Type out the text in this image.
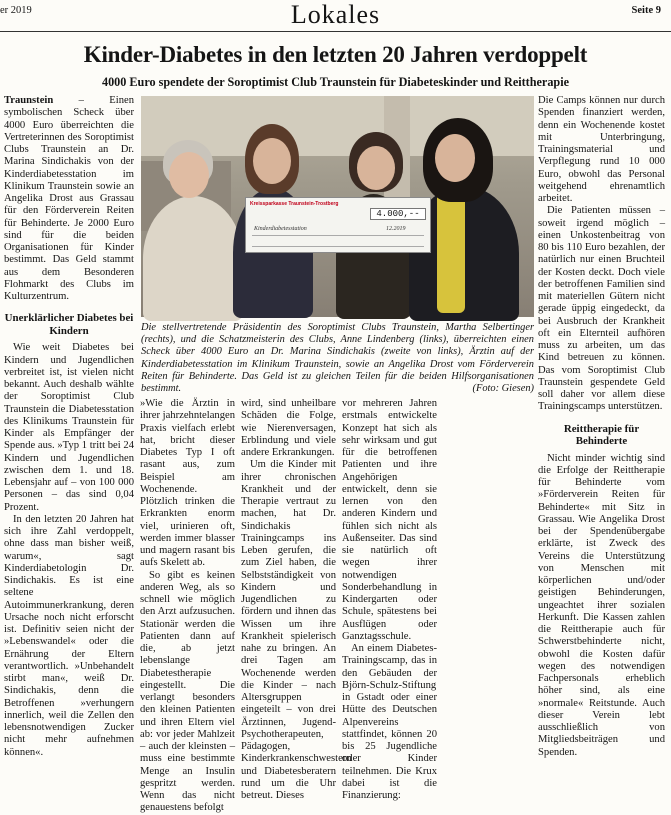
er 2019	Lokales	Seite 9
Kinder-Diabetes in den letzten 20 Jahren verdoppelt
4000 Euro spendete der Soroptimist Club Traunstein für Diabeteskinder und Reittherapie

Traunstein – Einen symbolischen Scheck über 4000 Euro überreichten die Vertreterinnen des Soroptimist Clubs Traunstein an Dr. Marina Sindichakis von der Kinderdiabetesstation im Klinikum Traunstein sowie an Angelika Drost aus Grassau für den Förderverein Reiten für Behinderte. Je 2000 Euro sind für die beiden Organisationen für Kinder bestimmt. Das Geld stammt aus dem Besonderen Flohmarkt des Clubs im Kulturzentrum.

Unerklärlicher Diabetes bei Kindern

Wie weit Diabetes bei Kindern und Jugendlichen verbreitet ist, ist vielen nicht bekannt. Auch deshalb wählte der Soroptimist Club Traunstein die Diabetesstation des Klinikums Traunstein für Kinder als Empfänger der Spende aus. »Typ 1 tritt bei 24 Kindern und Jugendlichen zwischen dem 1. und 18. Lebensjahr auf – von 100 000 Personen – das sind 0,04 Prozent.

In den letzten 20 Jahren hat sich ihre Zahl verdoppelt, ohne dass man bisher weiß, warum«, sagt Kinderdiabetologin Dr. Sindichakis. Es ist eine seltene Autoimmunerkrankung, deren Ursache noch nicht erforscht ist. Definitiv seien nicht der »Lebenswandel« oder die Ernährung der Eltern verantwortlich. »Unbehandelt stirbt man«, weiß Dr. Sindichakis, denn die Betroffenen »verhungern innerlich, weil die Zellen den lebensnotwendigen Zucker nicht mehr aufnehmen können«.

Kreissparkasse Traunstein-Trostberg
4.000,--
Kinderdiabetesstation	12.2019
Die stellvertretende Präsidentin des Soroptimist Clubs Traunstein, Martha Selbertinger (rechts), und die Schatzmeisterin des Clubs, Anne Lindenberg (links), überreichten einen Scheck über 4000 Euro an Dr. Marina Sindichakis (zweite von links), Ärztin auf der Kinderdiabetesstation im Klinikum Traunstein, sowie an Angelika Drost vom Förderverein Reiten für Behinderte. Das Geld ist zu gleichen Teilen für die beiden Hilfsorganisationen bestimmt.	(Foto: Giesen)

»Wie die Ärztin in ihrer jahrzehntelangen Praxis vielfach erlebt hat, bricht dieser Diabetes Typ I oft rasant aus, zum Beispiel am Wochenende. Plötzlich trinken die Erkrankten enorm viel, urinieren oft, werden immer blasser und magern rasant bis aufs Skelett ab.

So gibt es keinen anderen Weg, als so schnell wie möglich den Arzt aufzusuchen. Stationär werden die Patienten dann auf die, ab jetzt lebenslange Diabetestherapie eingestellt. Die verlangt besonders den kleinen Patienten und ihren Eltern viel ab: vor jeder Mahlzeit – auch der kleinsten – muss eine bestimmte Menge an Insulin gespritzt werden. Wenn das nicht genauestens befolgt

wird, sind unheilbare Schäden die Folge, wie Nierenversagen, Erblindung und viele andere Erkrankungen.

Um die Kinder mit ihrer chronischen Krankheit und der Therapie vertraut zu machen, hat Dr. Sindichakis Trainingcamps ins Leben gerufen, die zum Ziel haben, die Selbstständigkeit von Kindern und Jugendlichen zu fördern und ihnen das Wissen um ihre Krankheit spielerisch nahe zu bringen. An drei Tagen am Wochenende werden die Kinder – nach Altersgruppen eingeteilt – von drei Ärztinnen, Jugend-Psychotherapeuten, Pädagogen, Kinderkrankenschwestern und Diabetesberatern rund um die Uhr betreut. Dieses

vor mehreren Jahren erstmals entwickelte Konzept hat sich als sehr wirksam und gut für die betroffenen Patienten und ihre Angehörigen entwickelt, denn sie lernen von den anderen Kindern und fühlen sich nicht als Außenseiter. Das sind sie natürlich oft wegen ihrer notwendigen Sonderbehandlung in Kindergarten oder Schule, spätestens bei Ausflügen oder Ganztagsschule.

An einem Diabetes-Trainingscamp, das in den Gebäuden der Björn-Schulz-Stiftung in Gstadt oder einer Hütte des Deutschen Alpenvereins stattfindet, können 20 bis 25 Jugendliche oder Kinder teilnehmen. Die Krux dabei ist die Finanzierung:

Die Camps können nur durch Spenden finanziert werden, denn ein Wochenende kostet mit Unterbringung, Trainingsmaterial und Verpflegung rund 10 000 Euro, obwohl das Personal weitgehend ehrenamtlich arbeitet.

Die Patienten müssen – soweit irgend möglich – einen Unkostenbeitrag von 80 bis 110 Euro bezahlen, der natürlich nur einen Bruchteil der Kosten deckt. Doch viele der betroffenen Familien sind mit materiellen Gütern nicht gerade üppig eingedeckt, da bei Ausbruch der Krankheit oft ein Elternteil aufhören muss zu arbeiten, um das Kind betreuen zu können. Das vom Soroptimist Club Traunstein gespendete Geld soll daher vor allem diese Trainingscamps unterstützen.

Reittherapie für Behinderte

Nicht minder wichtig sind die Erfolge der Reittherapie für Behinderte vom »Förderverein Reiten für Behinderte« mit Sitz in Grassau. Wie Angelika Drost bei der Spendenübergabe erklärte, ist Zweck des Vereins die Unterstützung von Menschen mit körperlichen und/oder geistigen Behinderungen, ungeachtet ihrer sozialen Herkunft. Die Kassen zahlen die Reittherapie auch für Schwerstbehinderte nicht, obwohl die Kosten dafür wegen des notwendigen Fachpersonals erheblich höher sind, als eine »normale« Reitstunde. Auch dieser Verein lebt ausschließlich von Mitgliedsbeiträgen und Spenden.
